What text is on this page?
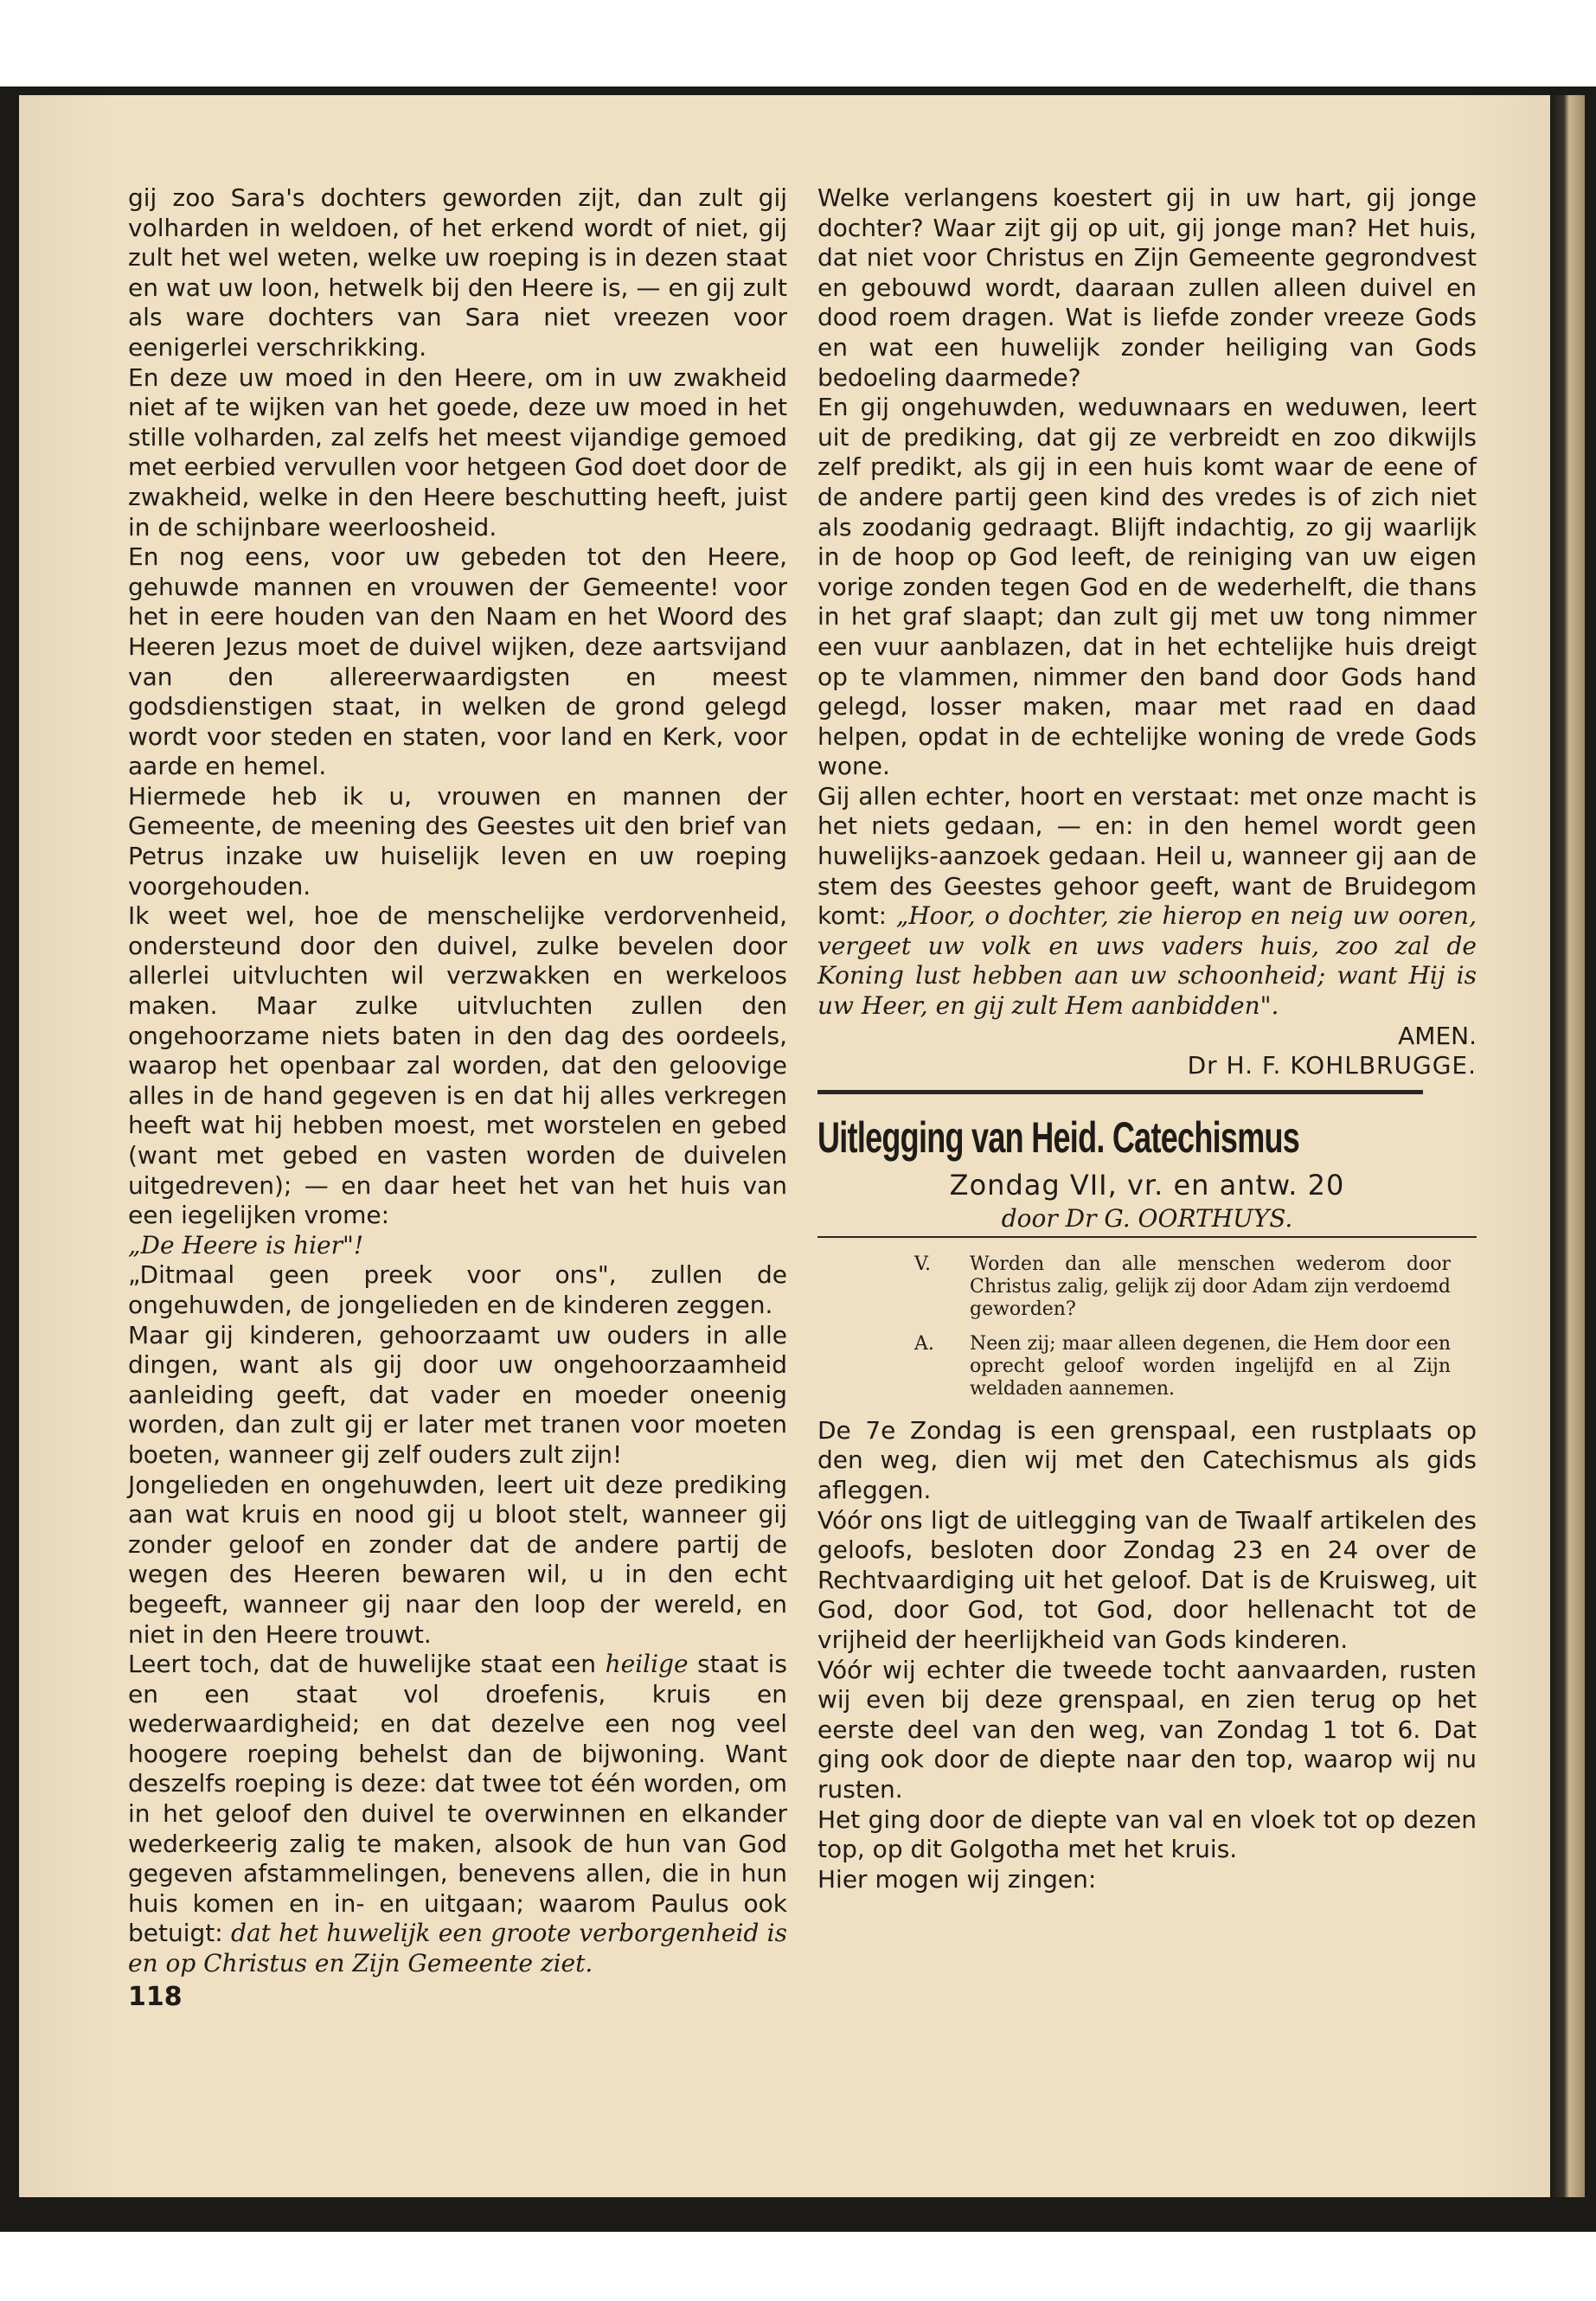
gij zoo Sara's dochters geworden zijt, dan zult gij volharden in weldoen, of het erkend wordt of niet, gij zult het wel weten, welke uw roeping is in dezen staat en wat uw loon, hetwelk bij den Heere is, — en gij zult als ware dochters van Sara niet vreezen voor eenigerlei verschrikking.

En deze uw moed in den Heere, om in uw zwakheid niet af te wijken van het goede, deze uw moed in het stille volharden, zal zelfs het meest vijandige gemoed met eerbied vervullen voor hetgeen God doet door de zwakheid, welke in den Heere beschutting heeft, juist in de schijnbare weerloosheid.

En nog eens, voor uw gebeden tot den Heere, gehuwde mannen en vrouwen der Gemeente! voor het in eere houden van den Naam en het Woord des Heeren Jezus moet de duivel wijken, deze aartsvijand van den allereerwaardigsten en meest godsdienstigen staat, in welken de grond gelegd wordt voor steden en staten, voor land en Kerk, voor aarde en hemel.

Hiermede heb ik u, vrouwen en mannen der Gemeente, de meening des Geestes uit den brief van Petrus inzake uw huiselijk leven en uw roeping voorgehouden.

Ik weet wel, hoe de menschelijke verdorvenheid, ondersteund door den duivel, zulke bevelen door allerlei uitvluchten wil verzwakken en werkeloos maken. Maar zulke uitvluchten zullen den ongehoorzame niets baten in den dag des oordeels, waarop het openbaar zal worden, dat den geloovige alles in de hand gegeven is en dat hij alles verkregen heeft wat hij hebben moest, met worstelen en gebed (want met gebed en vasten worden de duivelen uitgedreven); — en daar heet het van het huis van een iegelijken vrome:
„De Heere is hier"!

„Ditmaal geen preek voor ons", zullen de ongehuwden, de jongelieden en de kinderen zeggen.

Maar gij kinderen, gehoorzaamt uw ouders in alle dingen, want als gij door uw ongehoorzaamheid aanleiding geeft, dat vader en moeder oneenig worden, dan zult gij er later met tranen voor moeten boeten, wanneer gij zelf ouders zult zijn!

Jongelieden en ongehuwden, leert uit deze prediking aan wat kruis en nood gij u bloot stelt, wanneer gij zonder geloof en zonder dat de andere partij de wegen des Heeren bewaren wil, u in den echt begeeft, wanneer gij naar den loop der wereld, en niet in den Heere trouwt.

Leert toch, dat de huwelijke staat een heilige staat is en een staat vol droefenis, kruis en wederwaardigheid; en dat dezelve een nog veel hoogere roeping behelst dan de bijwoning. Want deszelfs roeping is deze: dat twee tot één worden, om in het geloof den duivel te overwinnen en elkander wederkeerig zalig te maken, alsook de hun van God gegeven afstammelingen, benevens allen, die in hun huis komen en in- en uitgaan; waarom Paulus ook betuigt: dat het huwelijk een groote verborgenheid is en op Christus en Zijn Gemeente ziet.

118

Welke verlangens koestert gij in uw hart, gij jonge dochter? Waar zijt gij op uit, gij jonge man? Het huis, dat niet voor Christus en Zijn Gemeente gegrondvest en gebouwd wordt, daaraan zullen alleen duivel en dood roem dragen. Wat is liefde zonder vreeze Gods en wat een huwelijk zonder heiliging van Gods bedoeling daarmede?

En gij ongehuwden, weduwnaars en weduwen, leert uit de prediking, dat gij ze verbreidt en zoo dikwijls zelf predikt, als gij in een huis komt waar de eene of de andere partij geen kind des vredes is of zich niet als zoodanig gedraagt. Blijft indachtig, zo gij waarlijk in de hoop op God leeft, de reiniging van uw eigen vorige zonden tegen God en de wederhelft, die thans in het graf slaapt; dan zult gij met uw tong nimmer een vuur aanblazen, dat in het echtelijke huis dreigt op te vlammen, nimmer den band door Gods hand gelegd, losser maken, maar met raad en daad helpen, opdat in de echtelijke woning de vrede Gods wone.

Gij allen echter, hoort en verstaat: met onze macht is het niets gedaan, — en: in den hemel wordt geen huwelijks-aanzoek gedaan. Heil u, wanneer gij aan de stem des Geestes gehoor geeft, want de Bruidegom komt: „Hoor, o dochter, zie hierop en neig uw ooren, vergeet uw volk en uws vaders huis, zoo zal de Koning lust hebben aan uw schoonheid; want Hij is uw Heer, en gij zult Hem aanbidden".

AMEN.

Dr H. F. KOHLBRUGGE.

Uitlegging van Heid. Catechismus

Zondag VII, vr. en antw. 20

door Dr G. OORTHUYS.

V.	Worden dan alle menschen wederom door Christus zalig, gelijk zij door Adam zijn verdoemd geworden?
A.	Neen zij; maar alleen degenen, die Hem door een oprecht geloof worden ingelijfd en al Zijn weldaden aannemen.

De 7e Zondag is een grenspaal, een rustplaats op den weg, dien wij met den Catechismus als gids afleggen.

Vóór ons ligt de uitlegging van de Twaalf artikelen des geloofs, besloten door Zondag 23 en 24 over de Rechtvaardiging uit het geloof. Dat is de Kruisweg, uit God, door God, tot God, door hellenacht tot de vrijheid der heerlijkheid van Gods kinderen.

Vóór wij echter die tweede tocht aanvaarden, rusten wij even bij deze grenspaal, en zien terug op het eerste deel van den weg, van Zondag 1 tot 6. Dat ging ook door de diepte naar den top, waarop wij nu rusten.

Het ging door de diepte van val en vloek tot op dezen top, op dit Golgotha met het kruis.

Hier mogen wij zingen:
